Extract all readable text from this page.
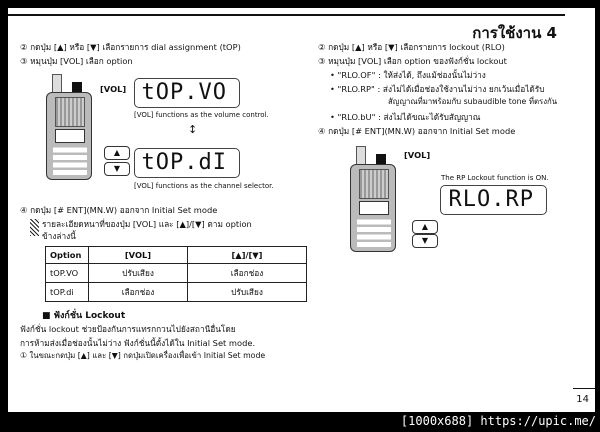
การใช้งาน 4
② กดปุ่ม [▲] หรือ [▼] เลือกรายการ dial assignment (tOP)
③ หมุนปุ่ม [VOL] เลือก option
[VOL]
▲
▼
tOP.VO
[VOL] functions as the volume control.
↕
tOP.dI
[VOL] functions as the channel selector.
④ กดปุ่ม [# ENT](MN.W) ออกจาก Initial Set mode
รายละเอียดหนาที่ของปุ่ม [VOL] และ [▲]/[▼] ตาม option
ข้างล่างนี้
Option	[VOL]	[▲]/[▼]
tOP.VO	ปรับเสียง	เลือกช่อง
tOP.di	เลือกช่อง	ปรับเสียง
■ ฟังก์ชั่น Lockout
ฟังก์ชั่น lockout ช่วยป้องกันการแทรกกวนไปยังสถานีอื่นโดย
การห้ามส่งเมื่อช่องนั้นไม่ว่าง ฟังก์ชั่นนี้ตั้งได้ใน Initial Set mode.
① ในขณะกดปุ่ม [▲] และ [▼] กดปุ่มเปิดเครื่องเพื่อเข้า Initial Set mode
② กดปุ่ม [▲] หรือ [▼] เลือกรายการ lockout (RLO)
③ หมุนปุ่ม [VOL] เลือก option ของฟังก์ชั่น lockout
• "RLO.OF" : ให้ส่งได้, ถึงแม้ช่องนั้นไม่ว่าง
• "RLO.RP" : ส่งไม่ได้เมื่อช่องใช้งานไม่ว่าง ยกเว้นเมื่อได้รับ
สัญญาณที่มาพร้อมกับ subaudible tone ที่ตรงกัน
• "RLO.bU" : ส่งไม่ได้ขณะได้รับสัญญาณ
④ กดปุ่ม [# ENT](MN.W) ออกจาก Initial Set mode
[VOL]
▲
▼
The RP Lockout function is ON.
RLO.RP
14
[1000x688] https://upic.me/
